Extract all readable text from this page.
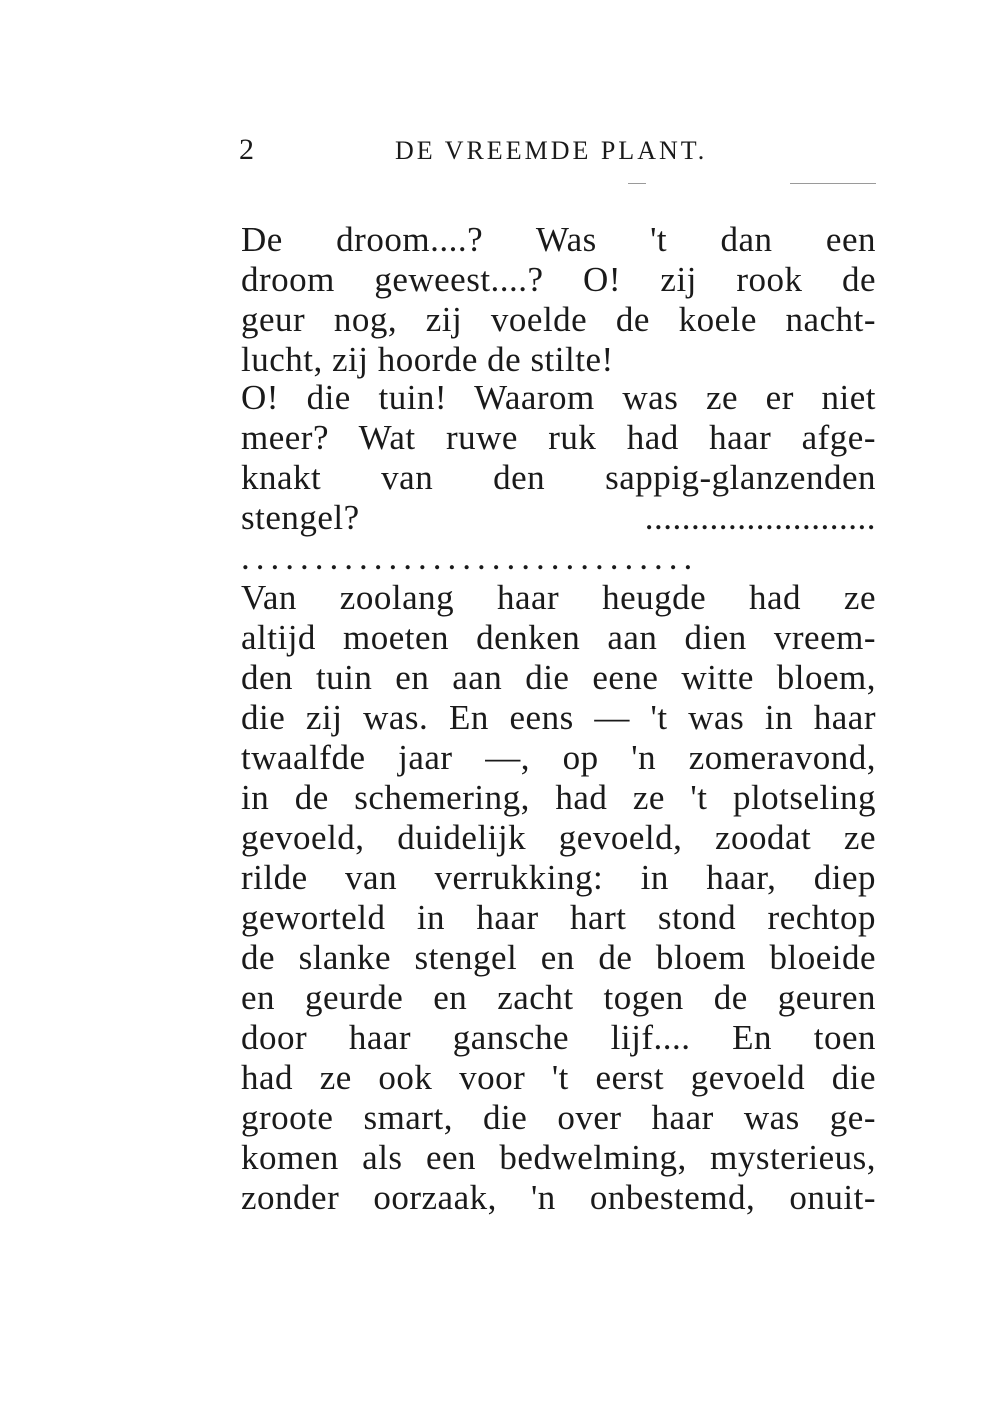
2	DE VREEMDE PLANT.
De droom....? Was 't dan een
droom geweest....? O! zij rook de
geur nog, zij voelde de koele nacht-
lucht, zij hoorde de stilte!
O! die tuin! Waarom was ze er niet
meer? Wat ruwe ruk had haar afge-
knakt van den sappig-glanzenden
stengel? .........................
...............................
Van zoolang haar heugde had ze
altijd moeten denken aan dien vreem-
den tuin en aan die eene witte bloem,
die zij was. En eens — 't was in haar
twaalfde jaar —, op 'n zomeravond,
in de schemering, had ze 't plotseling
gevoeld, duidelijk gevoeld, zoodat ze
rilde van verrukking: in haar, diep
geworteld in haar hart stond rechtop
de slanke stengel en de bloem bloeide
en geurde en zacht togen de geuren
door haar gansche lijf.... En toen
had ze ook voor 't eerst gevoeld die
groote smart, die over haar was ge-
komen als een bedwelming, mysterieus,
zonder oorzaak, 'n onbestemd, onuit-
